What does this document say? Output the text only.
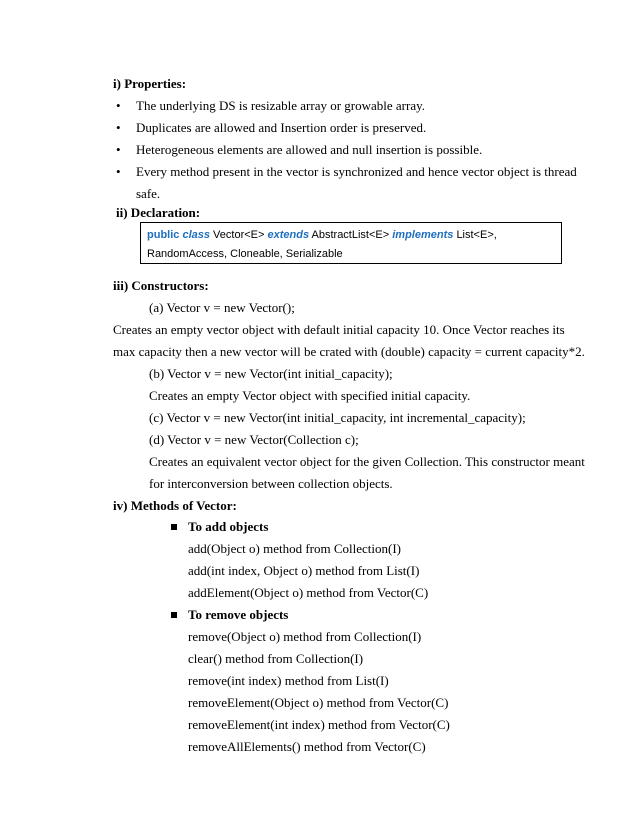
i) Properties:
• The underlying DS is resizable array or growable array.
• Duplicates are allowed and Insertion order is preserved.
• Heterogeneous elements are allowed and null insertion is possible.
• Every method present in the vector is synchronized and hence vector object is thread
safe.
ii) Declaration:
public class Vector<E> extends AbstractList<E> implements List<E>,
RandomAccess, Cloneable, Serializable
iii) Constructors:
(a) Vector v = new Vector();
Creates an empty vector object with default initial capacity 10. Once Vector reaches its
max capacity then a new vector will be crated with (double) capacity = current capacity*2.
(b) Vector v = new Vector(int initial_capacity);
Creates an empty Vector object with specified initial capacity.
(c) Vector v = new Vector(int initial_capacity, int incremental_capacity);
(d) Vector v = new Vector(Collection c);
Creates an equivalent vector object for the given Collection. This constructor meant
for interconversion between collection objects.
iv) Methods of Vector:
To add objects
add(Object o) method from Collection(I)
add(int index, Object o) method from List(I)
addElement(Object o) method from Vector(C)
To remove objects
remove(Object o) method from Collection(I)
clear() method from Collection(I)
remove(int index) method from List(I)
removeElement(Object o) method from Vector(C)
removeElement(int index) method from Vector(C)
removeAllElements() method from Vector(C)
